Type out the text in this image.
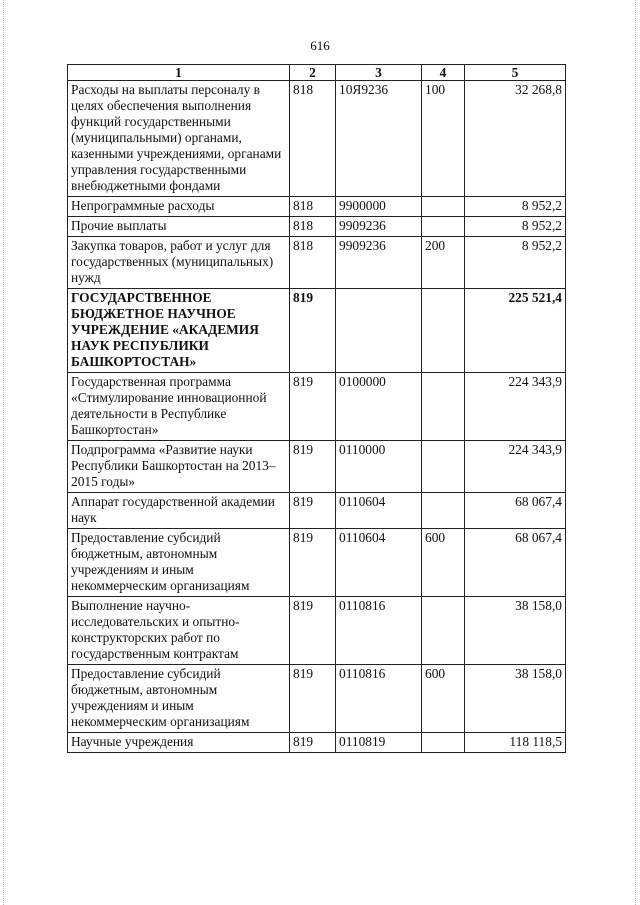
616
1	2	3	4	5
Расходы на выплаты персоналу в целях обеспечения выполнения функций государственными (муниципальными) органами, казенными учреждениями, органами управления государственными внебюджетными фондами	818	10Я9236	100	32 268,8
Непрограммные расходы	818	9900000		8 952,2
Прочие выплаты	818	9909236		8 952,2
Закупка товаров, работ и услуг для государственных (муниципальных) нужд	818	9909236	200	8 952,2
ГОСУДАРСТВЕННОЕ БЮДЖЕТНОЕ НАУЧНОЕ УЧРЕЖДЕНИЕ «АКАДЕМИЯ НАУК РЕСПУБЛИКИ БАШКОРТОСТАН»	819			225 521,4
Государственная программа «Стимулирование инновационной деятельности в Республике Башкортостан»	819	0100000		224 343,9
Подпрограмма «Развитие науки Республики Башкортостан на 2013–2015 годы»	819	0110000		224 343,9
Аппарат государственной академии наук	819	0110604		68 067,4
Предоставление субсидий бюджетным, автономным учреждениям и иным некоммерческим организациям	819	0110604	600	68 067,4
Выполнение научно-исследовательских и опытно-конструкторских работ по государственным контрактам	819	0110816		38 158,0
Предоставление субсидий бюджетным, автономным учреждениям и иным некоммерческим организациям	819	0110816	600	38 158,0
Научные учреждения	819	0110819		118 118,5
